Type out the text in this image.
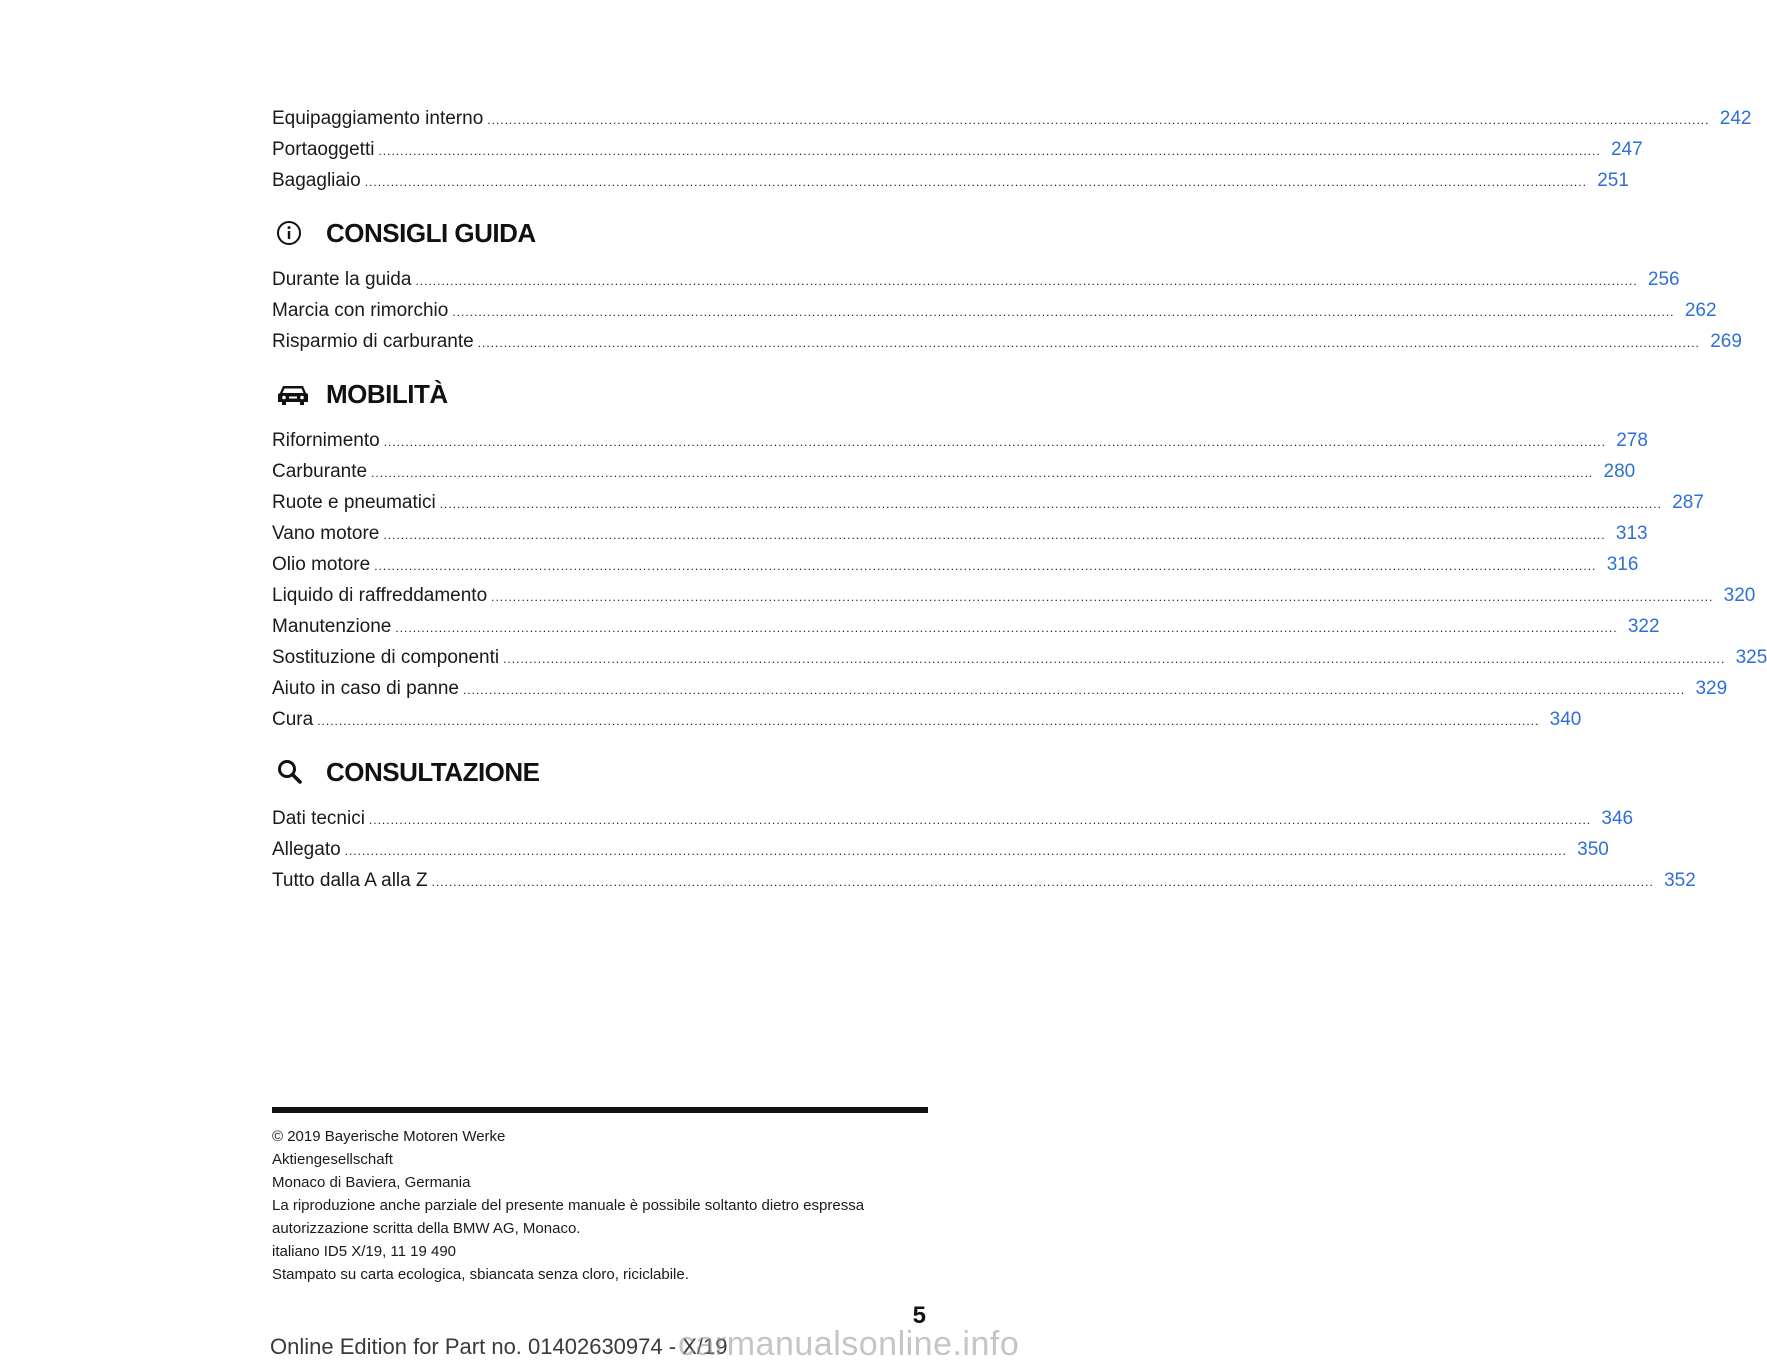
Equipaggiamento interno .....	242
Portaoggetti .....	247
Bagagliaio .....	251
CONSIGLI GUIDA
Durante la guida .....	256
Marcia con rimorchio .....	262
Risparmio di carburante .....	269
MOBILITÀ
Rifornimento .....	278
Carburante .....	280
Ruote e pneumatici .....	287
Vano motore .....	313
Olio motore .....	316
Liquido di raffreddamento .....	320
Manutenzione .....	322
Sostituzione di componenti .....	325
Aiuto in caso di panne .....	329
Cura .....	340
CONSULTAZIONE
Dati tecnici .....	346
Allegato .....	350
Tutto dalla A alla Z .....	352
© 2019 Bayerische Motoren Werke
Aktiengesellschaft
Monaco di Baviera, Germania
La riproduzione anche parziale del presente manuale è possibile soltanto dietro espressa
autorizzazione scritta della BMW AG, Monaco.
italiano ID5 X/19, 11 19 490
Stampato su carta ecologica, sbiancata senza cloro, riciclabile.
5
Online Edition for Part no. 01402630974 - X/19
carmanualsonline.info
